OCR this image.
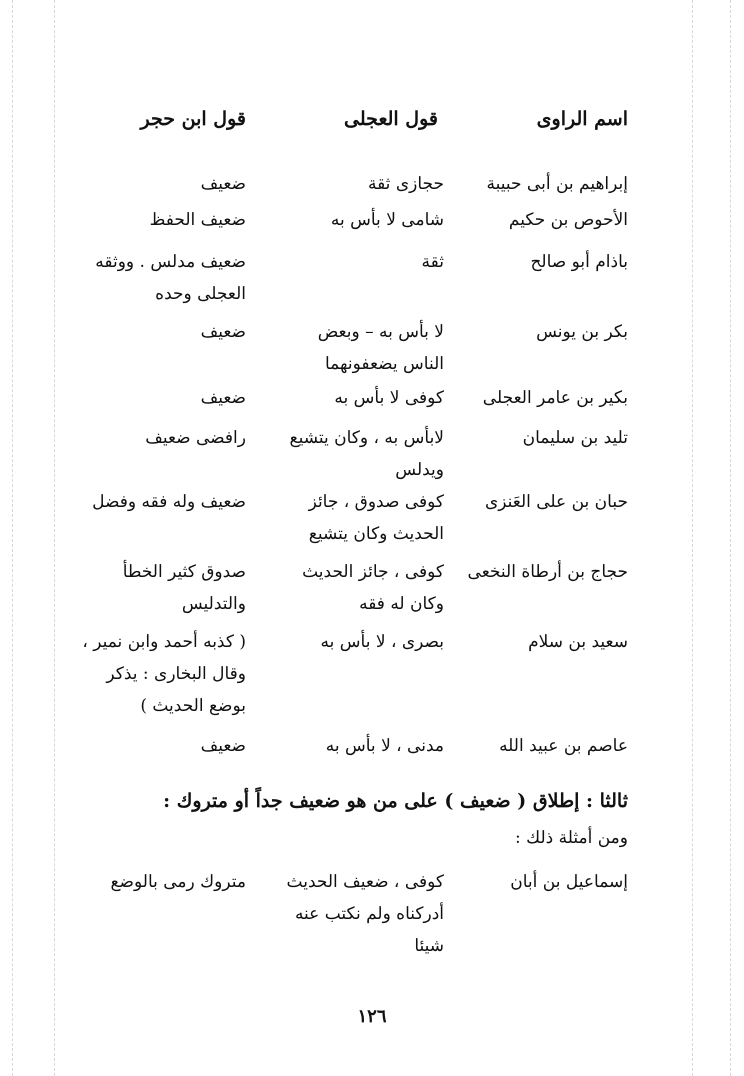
اسم الراوى
قول العجلى
قول ابن حجر
إبراهيم بن أبى حبيبة
حجازى ثقة
ضعيف
الأحوص بن حكيم
شامى لا بأس به
ضعيف الحفظ
باذام أبو صالح
ثقة
ضعيف مدلس . ووثقه
العجلى وحده
بكر بن يونس
لا بأس به – وبعض
الناس يضعفونهما
ضعيف
بكير بن عامر العجلى
كوفى لا بأس به
ضعيف
تليد بن سليمان
لابأس به ، وكان يتشيع
ويدلس
رافضى ضعيف
حبان بن على العَنزى
كوفى صدوق ، جائز
الحديث وكان يتشيع
ضعيف وله فقه وفضل
حجاج بن أرطاة النخعى
كوفى ، جائز الحديث
وكان له فقه
صدوق كثير الخطأ
والتدليس
سعيد بن سلام
بصرى ، لا بأس به
( كذبه أحمد وابن نمير ،
وقال البخارى : يذكر
بوضع الحديث )
عاصم بن عبيد الله
مدنى ، لا بأس به
ضعيف
ثالثا : إطلاق ( ضعيف ) على من هو ضعيف جداً أو متروك :
ومن أمثلة ذلك :
إسماعيل بن أبان
كوفى ، ضعيف الحديث
أدركناه ولم نكتب عنه
شيئا
متروك رمى بالوضع
١٢٦
